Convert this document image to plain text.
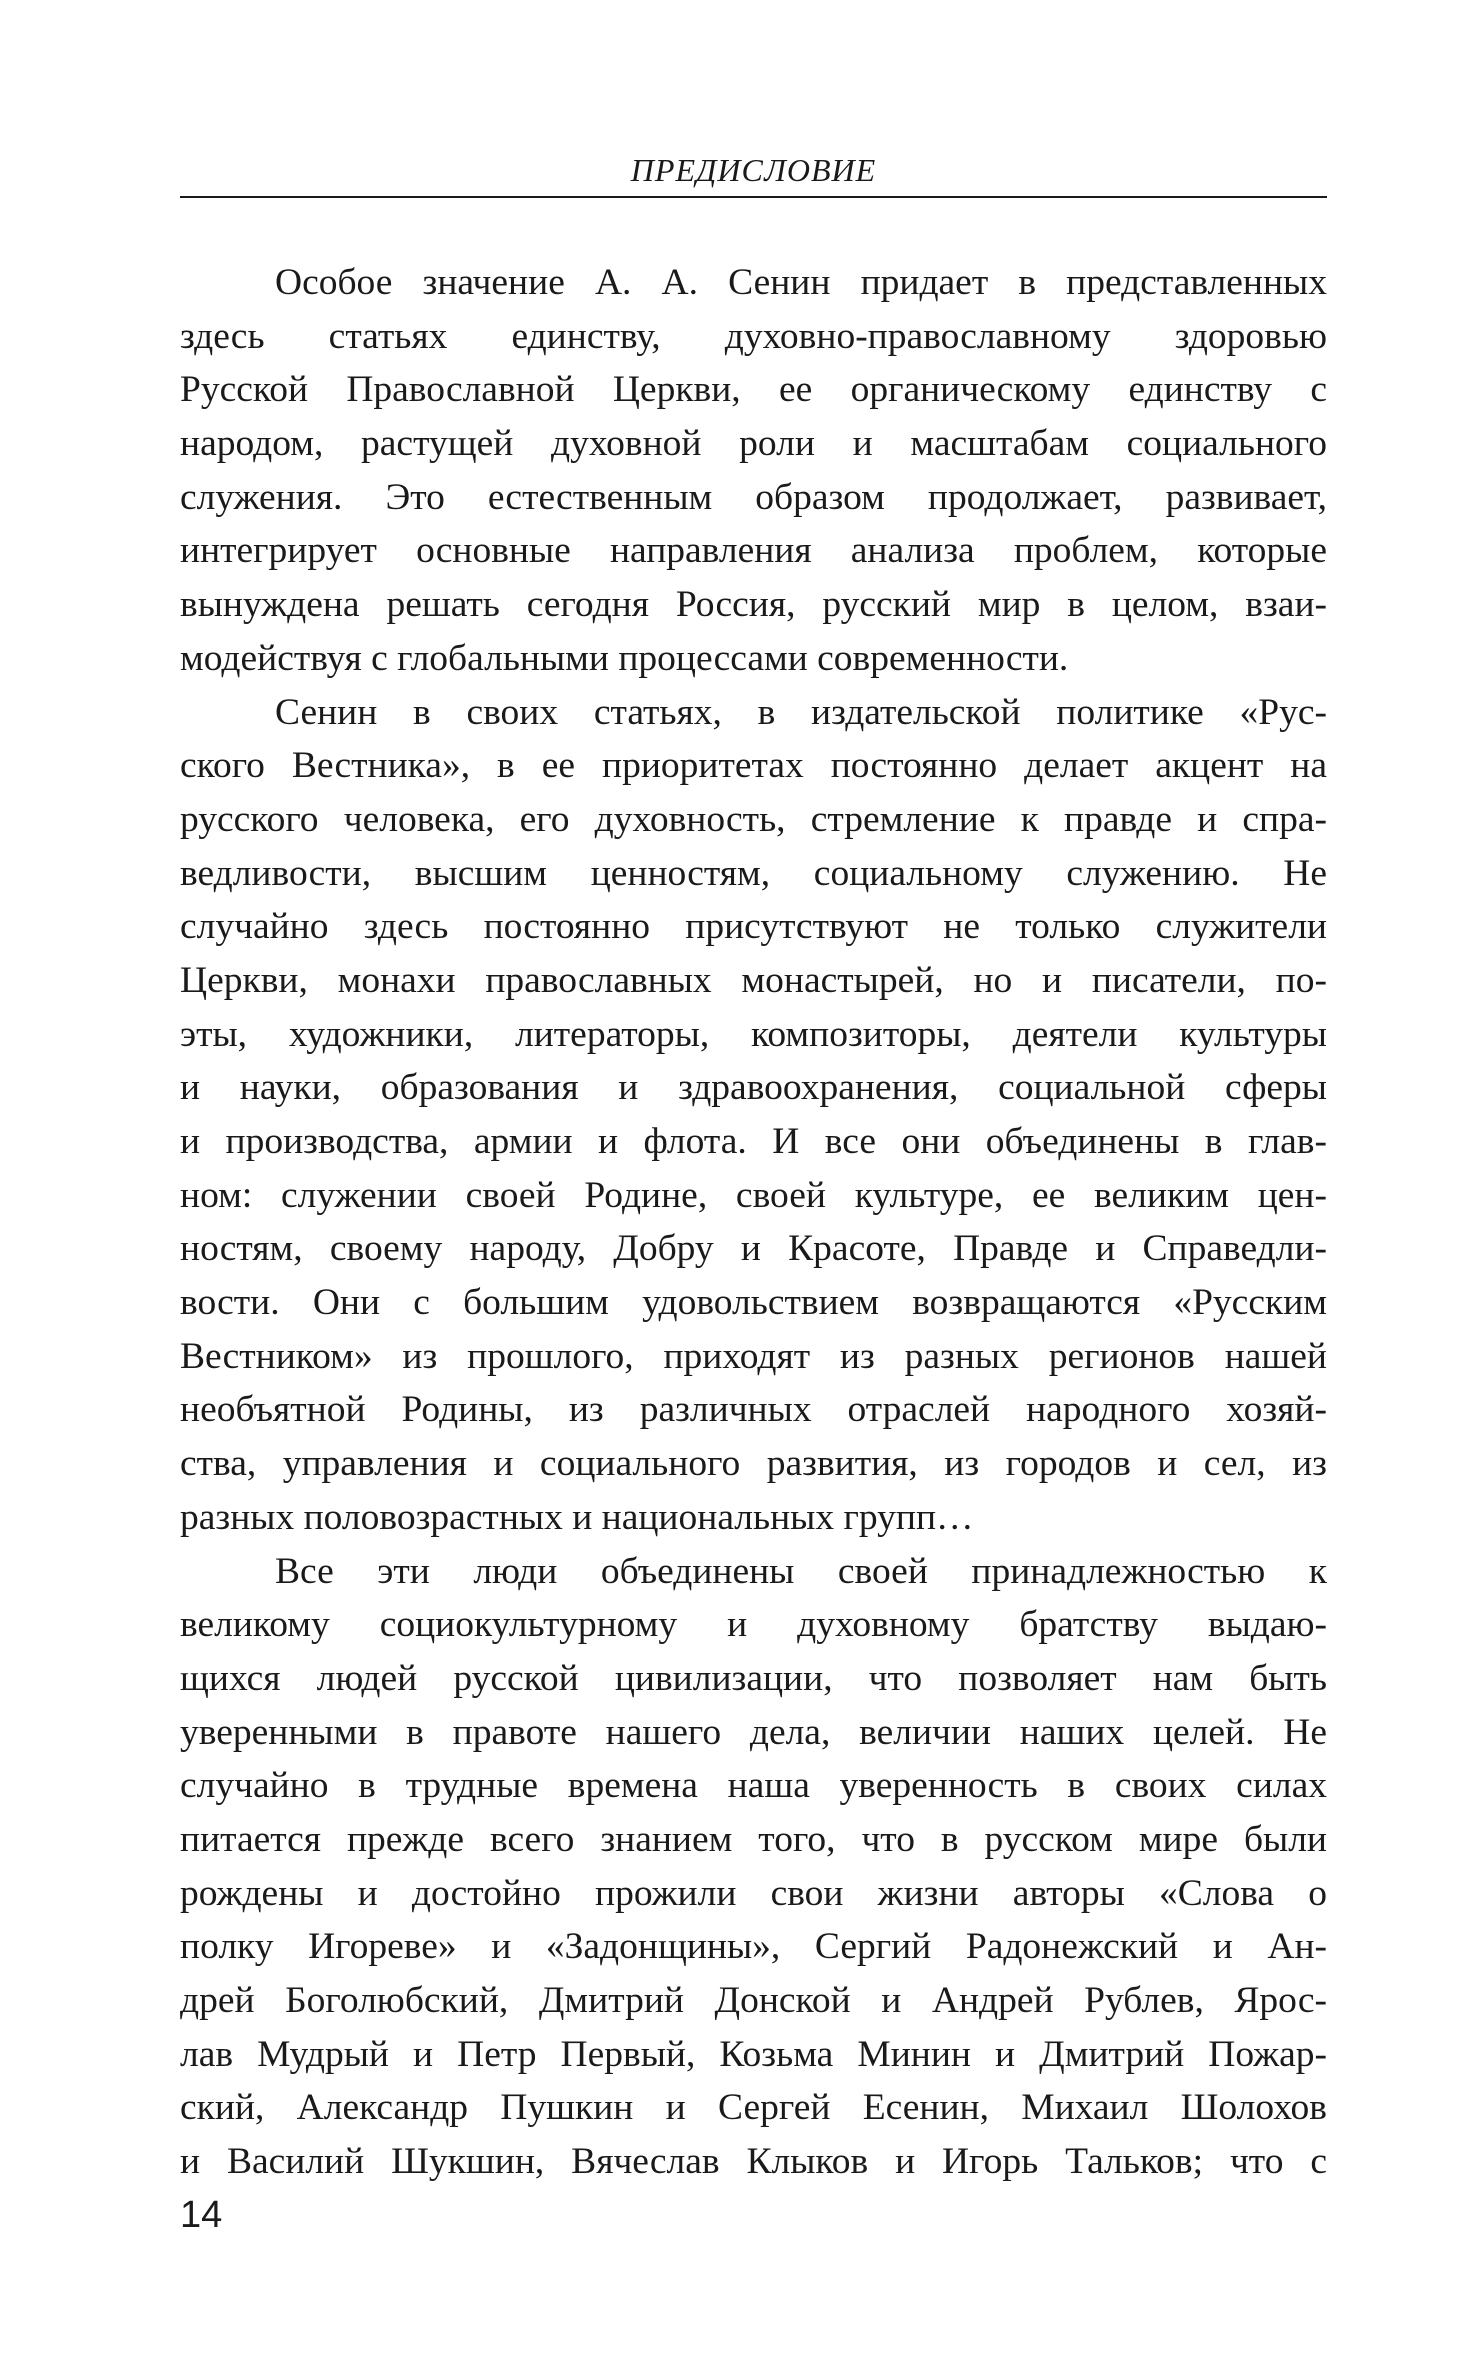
ПРЕДИСЛОВИЕ
Особое значение А. А. Сенин придает в представленных
здесь статьях единству, духовно-православному здоровью
Русской Православной Церкви, ее органическому единству с
народом, растущей духовной роли и масштабам социального
служения. Это естественным образом продолжает, развивает,
интегрирует основные направления анализа проблем, которые
вынуждена решать сегодня Россия, русский мир в целом, взаи-
модействуя с глобальными процессами современности.
Сенин в своих статьях, в издательской политике «Рус-
ского Вестника», в ее приоритетах постоянно делает акцент на
русского человека, его духовность, стремление к правде и спра-
ведливости, высшим ценностям, социальному служению. Не
случайно здесь постоянно присутствуют не только служители
Церкви, монахи православных монастырей, но и писатели, по-
эты, художники, литераторы, композиторы, деятели культуры
и науки, образования и здравоохранения, социальной сферы
и производства, армии и флота. И все они объединены в глав-
ном: служении своей Родине, своей культуре, ее великим цен-
ностям, своему народу, Добру и Красоте, Правде и Справедли-
вости. Они с большим удовольствием возвращаются «Русским
Вестником» из прошлого, приходят из разных регионов нашей
необъятной Родины, из различных отраслей народного хозяй-
ства, управления и социального развития, из городов и сел, из
разных половозрастных и национальных групп…
Все эти люди объединены своей принадлежностью к
великому социокультурному и духовному братству выдаю-
щихся людей русской цивилизации, что позволяет нам быть
уверенными в правоте нашего дела, величии наших целей. Не
случайно в трудные времена наша уверенность в своих силах
питается прежде всего знанием того, что в русском мире были
рождены и достойно прожили свои жизни авторы «Слова о
полку Игореве» и «Задонщины», Сергий Радонежский и Ан-
дрей Боголюбский, Дмитрий Донской и Андрей Рублев, Ярос-
лав Мудрый и Петр Первый, Козьма Минин и Дмитрий Пожар-
ский, Александр Пушкин и Сергей Есенин, Михаил Шолохов
и Василий Шукшин, Вячеслав Клыков и Игорь Тальков; что с
14
